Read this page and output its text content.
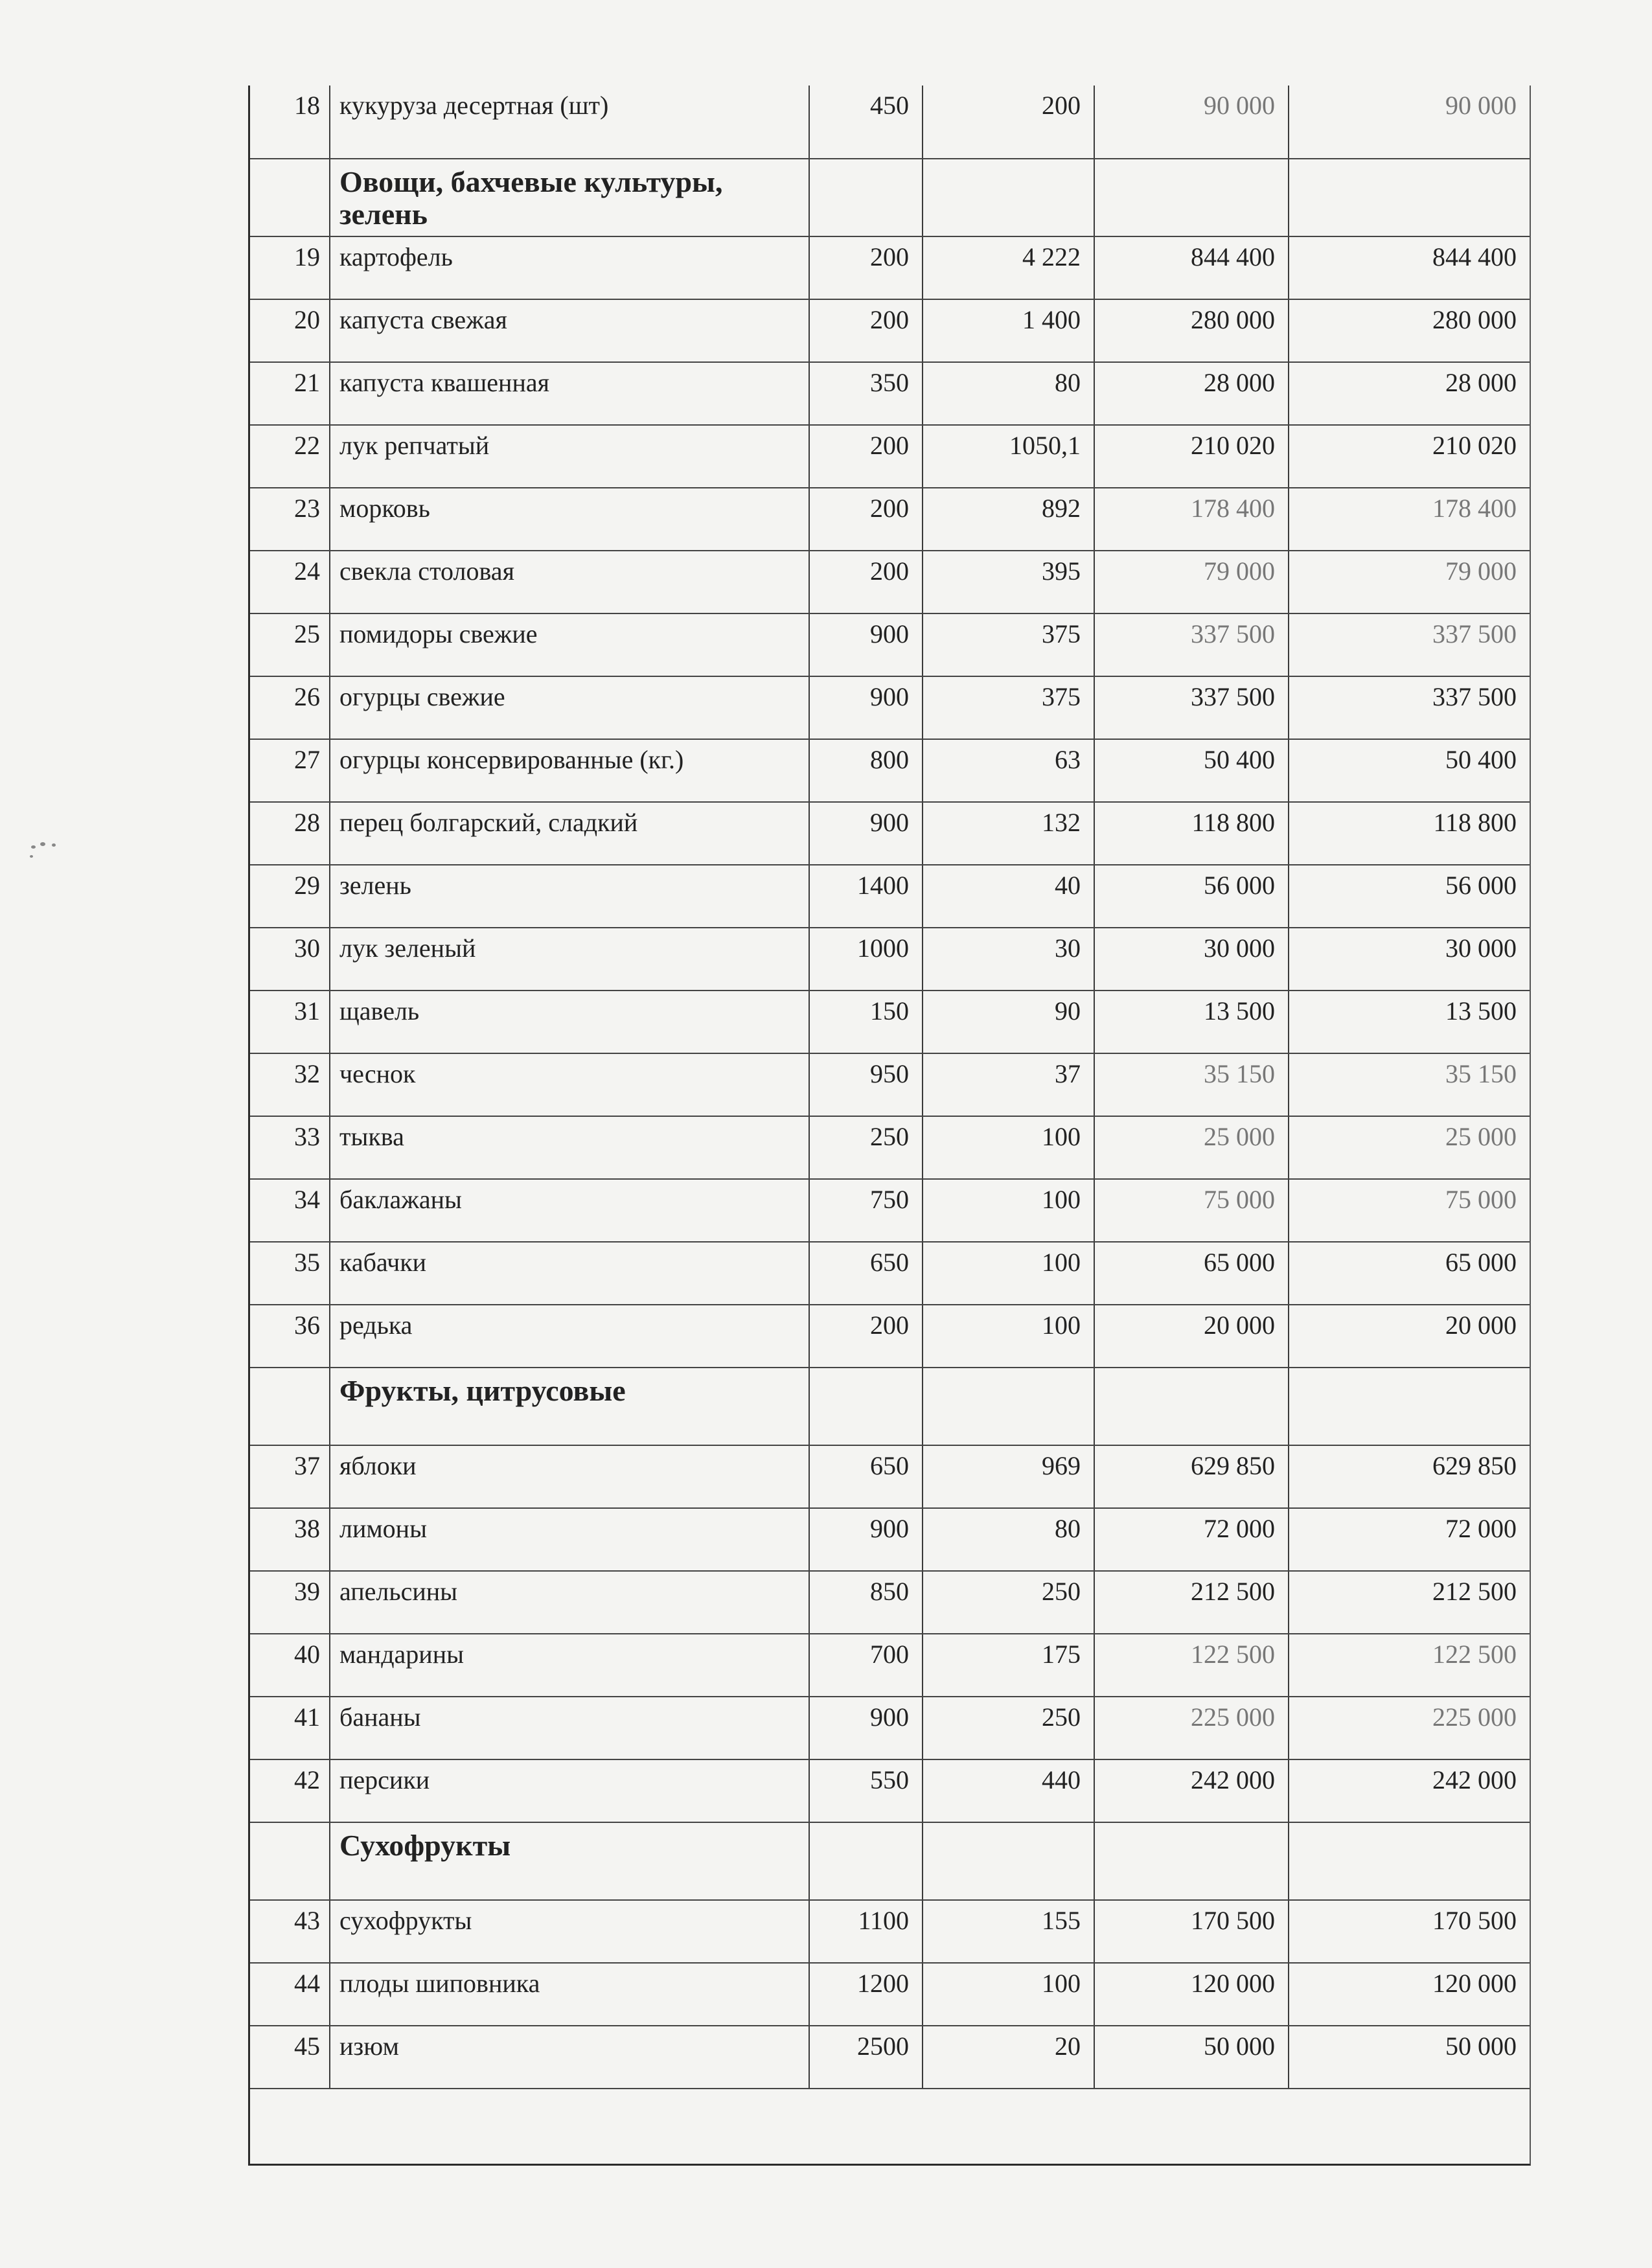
18	кукуруза десертная (шт)	450	200	90 000	90 000
	Овощи, бахчевые культуры, зелень				
19	картофель	200	4 222	844 400	844 400
20	капуста свежая	200	1 400	280 000	280 000
21	капуста квашенная	350	80	28 000	28 000
22	лук репчатый	200	1050,1	210 020	210 020
23	морковь	200	892	178 400	178 400
24	свекла столовая	200	395	79 000	79 000
25	помидоры свежие	900	375	337 500	337 500
26	огурцы свежие	900	375	337 500	337 500
27	огурцы консервированные (кг.)	800	63	50 400	50 400
28	перец болгарский, сладкий	900	132	118 800	118 800
29	зелень	1400	40	56 000	56 000
30	лук зеленый	1000	30	30 000	30 000
31	щавель	150	90	13 500	13 500
32	чеснок	950	37	35 150	35 150
33	тыква	250	100	25 000	25 000
34	баклажаны	750	100	75 000	75 000
35	кабачки	650	100	65 000	65 000
36	редька	200	100	20 000	20 000
	Фрукты, цитрусовые				
37	яблоки	650	969	629 850	629 850
38	лимоны	900	80	72 000	72 000
39	апельсины	850	250	212 500	212 500
40	мандарины	700	175	122 500	122 500
41	бананы	900	250	225 000	225 000
42	персики	550	440	242 000	242 000
	Сухофрукты				
43	сухофрукты	1100	155	170 500	170 500
44	плоды шиповника	1200	100	120 000	120 000
45	изюм	2500	20	50 000	50 000
